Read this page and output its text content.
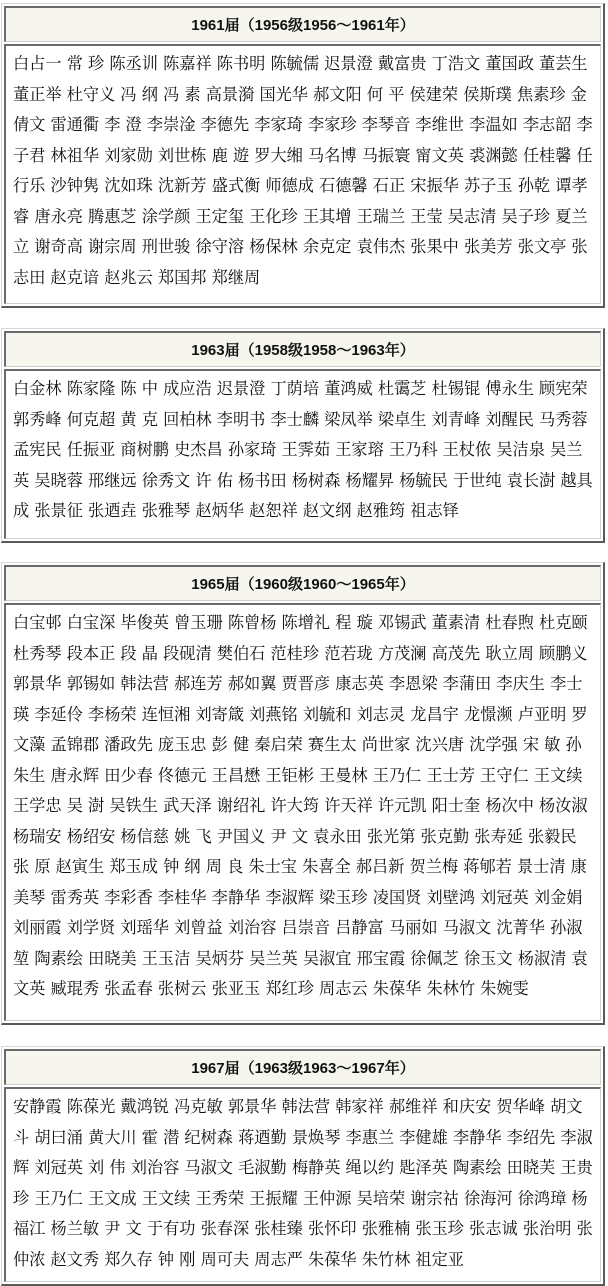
1961届（1956级1956～1961年）
白占一 常 珍 陈丞训 陈嘉祥 陈书明 陈毓儒 迟景澄 戴富贵 丁浩文 董国政 董芸生 董正举 杜守义 冯 纲 冯 素 高景漪 国光华 郝文阳 何 平 侯建荣 侯斯璞 焦素珍 金倩文 雷通衢 李 澄 李崇淦 李德先 李家琦 李家珍 李琴音 李维世 李温如 李志韶 李子君 林祖华 刘家勋 刘世栋 鹿 遊 罗大缃 马名博 马振寰 甯文英 裘渊懿 任桂馨 任行乐 沙钟隽 沈如珠 沈新芳 盛式衡 师德成 石德馨 石正 宋振华 苏子玉 孙乾 谭孝睿 唐永亮 腾惠芝 涂学颜 王定玺 王化珍 王其增 王瑞兰 王莹 吴志清 吴子珍 夏兰立 谢奇高 谢宗周 刑世骏 徐守溶 杨保林 余克定 袁伟杰 张果中 张美芳 张文亭 张志田 赵克谙 赵兆云 郑国邦 郑继周
1963届（1958级1958～1963年）
白金林 陈家隆 陈 中 成应浩 迟景澄 丁荫培 董鸿威 杜霭芝 杜锡锟 傅永生 顾宪荣 郭秀峰 何克超 黄 克 回柏林 李明书 李士麟 梁凤举 梁卓生 刘青峰 刘醒民 马秀蓉 孟宪民 任振亚 商树鹏 史杰昌 孙家琦 王霁茹 王家瑢 王乃科 王杖侬 吴洁泉 吴兰英 吴晓蓉 邢继远 徐秀文 许 佑 杨书田 杨树森 杨耀昇 杨毓民 于世纯 袁长澍 越具成 张景征 张迺垚 张雅琴 赵炳华 赵恕祥 赵文纲 赵雅筠 祖志铎
1965届（1960级1960～1965年）
白宝邨 白宝深 毕俊英 曾玉珊 陈曾杨 陈增礼 程 璇 邓锡武 董素清 杜春煦 杜克颐 杜秀琴 段本正 段 晶 段砚清 樊伯石 范桂珍 范若珑 方茂澜 高茂先 耿立周 顾鹏义 郭景华 郭锡如 韩法营 郝连芳 郝如翼 贾晋彦 康志英 李恩梁 李蒲田 李庆生 李士瑛 李延伶 李杨荣 连恒湘 刘寄箴 刘燕铭 刘毓和 刘志灵 龙昌宇 龙憬濒 卢亚明 罗文藻 孟锦郡 潘政先 庞玉忠 彭 健 秦启荣 赛生太 尚世家 沈兴唐 沈学强 宋 敏 孙朱生 唐永辉 田少春 佟德元 王昌懋 王钜彬 王曼林 王乃仁 王士芳 王守仁 王文续 王学忠 吴 澍 吴铁生 武天泽 谢绍礼 许大筠 许天祥 许元凯 阳士奎 杨次中 杨汝淑 杨瑞安 杨绍安 杨信慈 姚 飞 尹国义 尹 文 袁永田 张光第 张克勤 张寿延 张毅民 张 原 赵寅生 郑玉成 钟 纲 周 良 朱士宝 朱喜全 郝吕新 贺兰梅 蒋郇若 景士清 康美琴 雷秀英 李彩香 李桂华 李静华 李淑辉 梁玉珍 凌国贤 刘壁鸿 刘冠英 刘金娟 刘丽霞 刘学贤 刘瑶华 刘曾益 刘治容 吕崇音 吕静富 马丽如 马淑文 沈菁华 孙淑堃 陶素绘 田晓美 王玉洁 吴炳芬 吴兰英 吴淑宜 邢宝霞 徐佩芝 徐玉文 杨淑清 袁文英 臧琨秀 张孟春 张树云 张亚玉 郑红珍 周志云 朱葆华 朱林竹 朱婉雯
1967届（1963级1963～1967年）
安静霞 陈葆光 戴鸿锐 冯克敏 郭景华 韩法营 韩家祥 郝维祥 和庆安 贺华峰 胡文斗 胡曰涌 黄大川 霍 潜 纪树森 蒋迺勤 景焕琴 李惠兰 李健雄 李静华 李绍先 李淑辉 刘冠英 刘 伟 刘治容 马淑文 毛淑勤 梅静英 绳以约 匙泽英 陶素绘 田晓芙 王贵珍 王乃仁 王文成 王文续 王秀荣 王振耀 王仲源 吴培荣 谢宗祜 徐海河 徐鸿璋 杨福江 杨兰敏 尹 文 于有功 张春深 张桂臻 张怀印 张雅楠 张玉珍 张志诚 张治明 张仲浓 赵文秀 郑久存 钟 刚 周可夫 周志严 朱葆华 朱竹林 祖定亚
